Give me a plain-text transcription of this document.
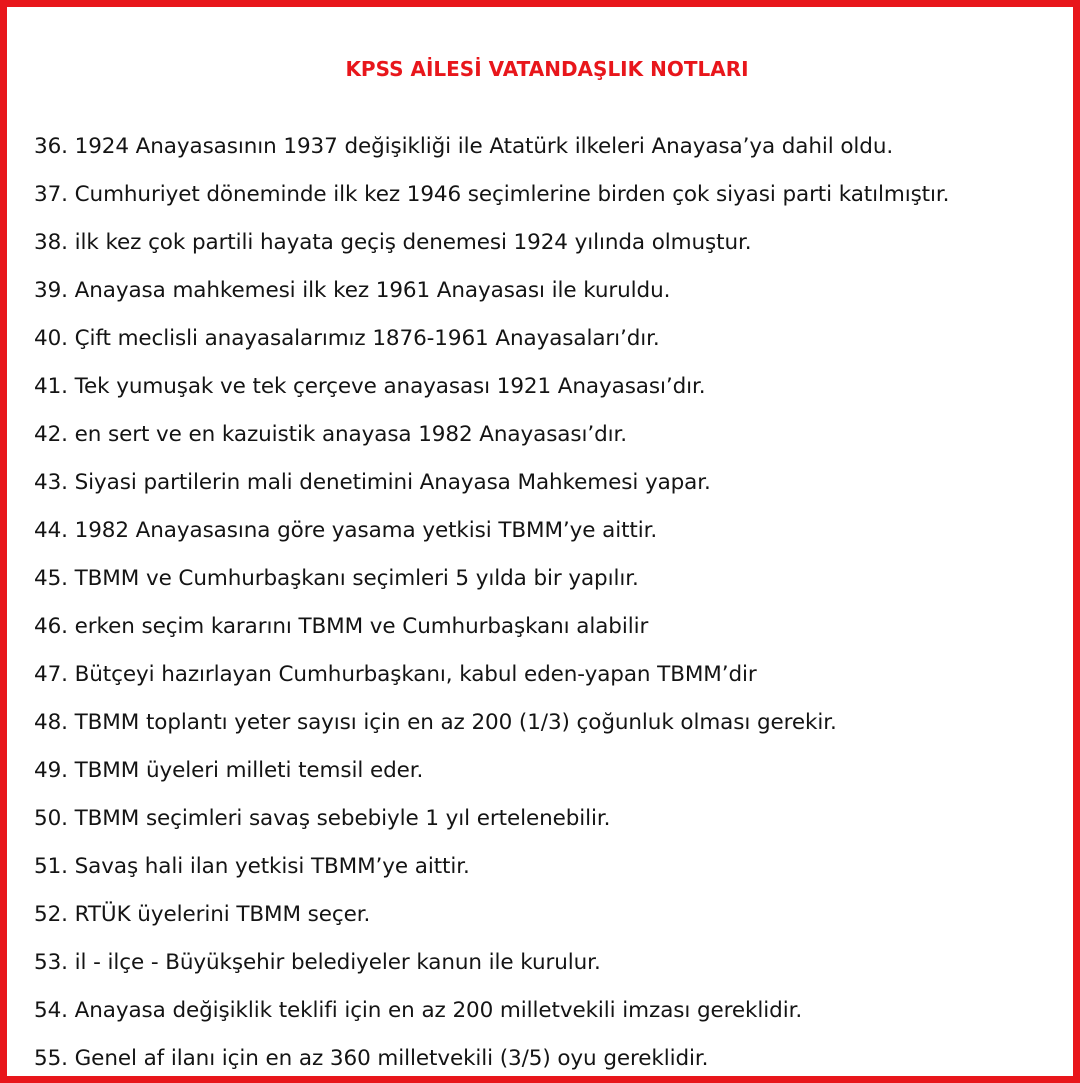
KPSS AİLESİ VATANDAŞLIK NOTLARI
36. 1924 Anayasasının 1937 değişikliği ile Atatürk ilkeleri Anayasa’ya dahil oldu.
37. Cumhuriyet döneminde ilk kez 1946 seçimlerine birden çok siyasi parti katılmıştır.
38. ilk kez çok partili hayata geçiş denemesi 1924 yılında olmuştur.
39. Anayasa mahkemesi ilk kez 1961 Anayasası ile kuruldu.
40. Çift meclisli anayasalarımız 1876-1961 Anayasaları’dır.
41. Tek yumuşak ve tek çerçeve anayasası 1921 Anayasası’dır.
42. en sert ve en kazuistik anayasa 1982 Anayasası’dır.
43. Siyasi partilerin mali denetimini Anayasa Mahkemesi yapar.
44. 1982 Anayasasına göre yasama yetkisi TBMM’ye aittir.
45. TBMM ve Cumhurbaşkanı seçimleri 5 yılda bir yapılır.
46. erken seçim kararını TBMM ve Cumhurbaşkanı alabilir
47. Bütçeyi hazırlayan Cumhurbaşkanı, kabul eden-yapan TBMM’dir
48. TBMM toplantı yeter sayısı için en az 200 (1/3) çoğunluk olması gerekir.
49. TBMM üyeleri milleti temsil eder.
50. TBMM seçimleri savaş sebebiyle 1 yıl ertelenebilir.
51. Savaş hali ilan yetkisi TBMM’ye aittir.
52. RTÜK üyelerini TBMM seçer.
53. il - ilçe - Büyükşehir belediyeler kanun ile kurulur.
54. Anayasa değişiklik teklifi için en az 200 milletvekili imzası gereklidir.
55. Genel af ilanı için en az 360 milletvekili (3/5) oyu gereklidir.
